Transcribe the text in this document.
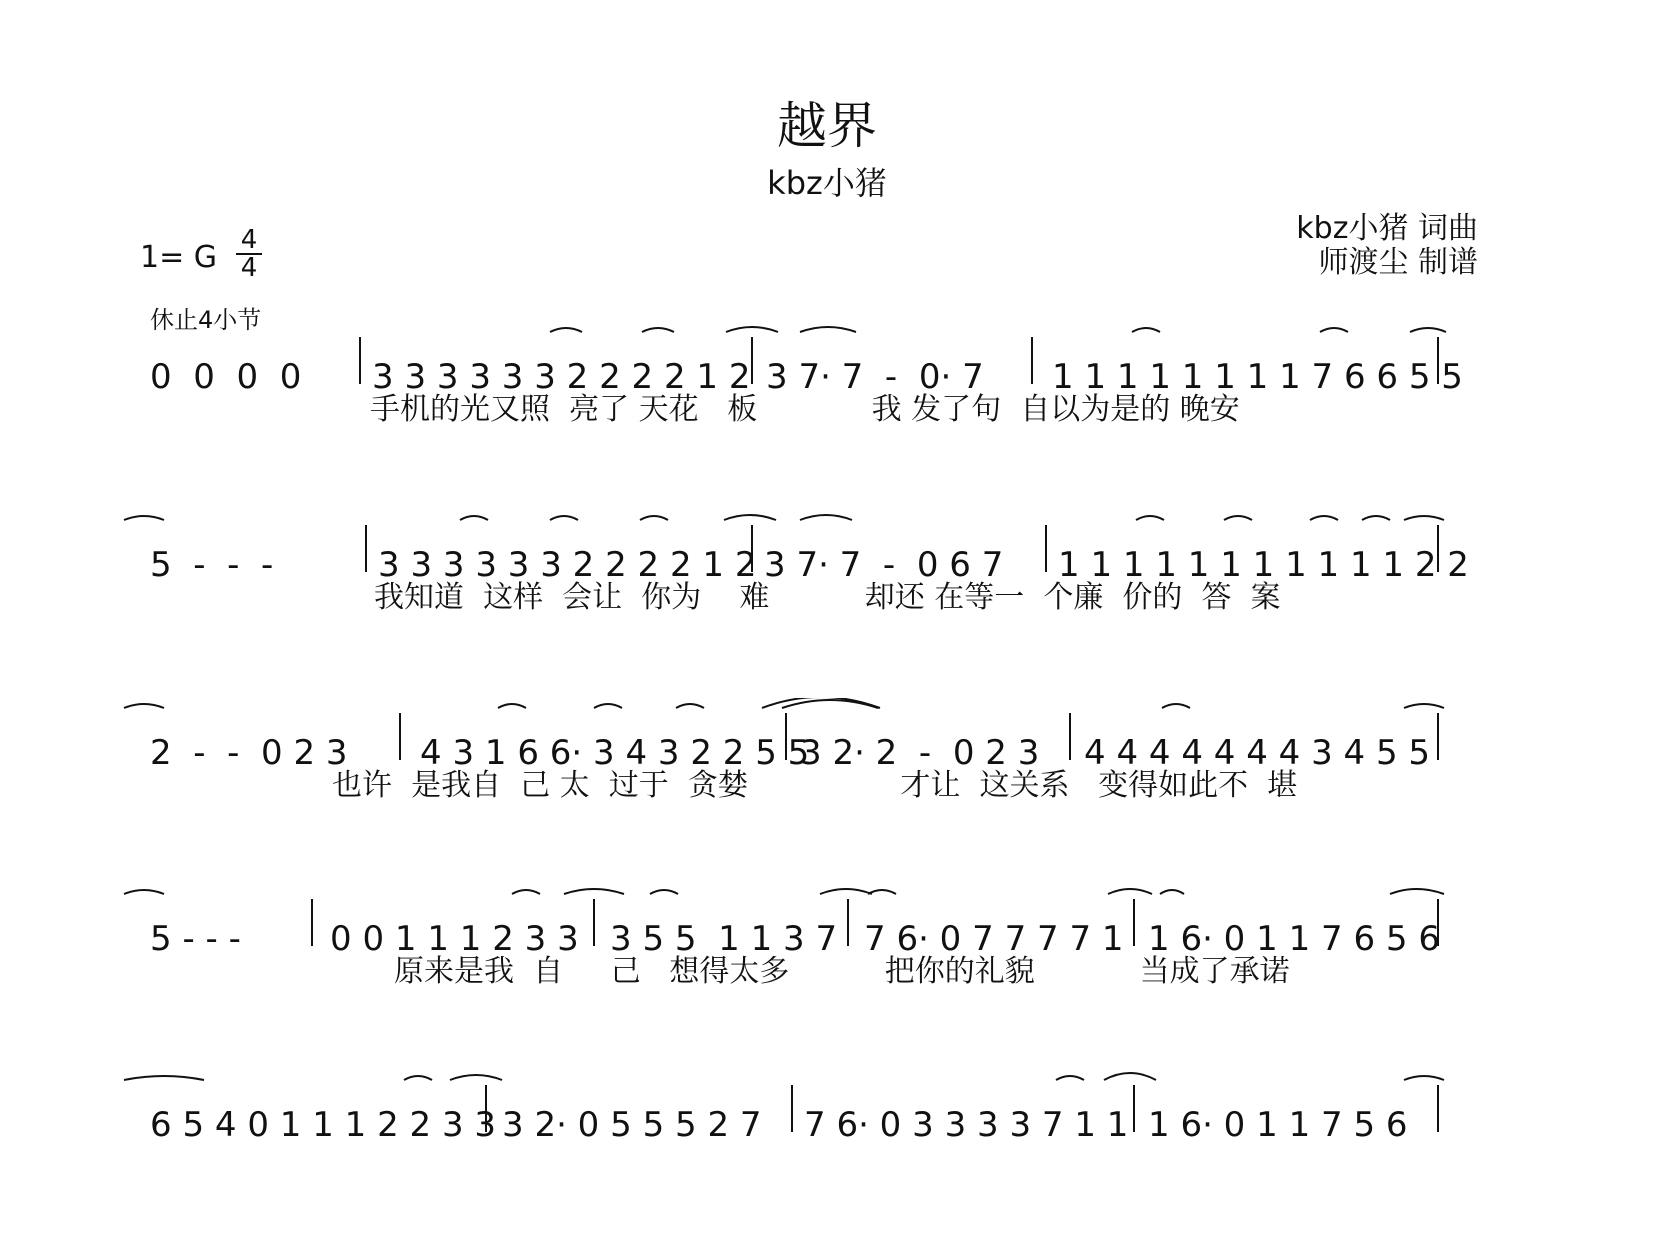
越界
kbz小猪
kbz小猪 词曲
师渡尘 制谱
1= G 4
4
休止4小节
0  0  0  0 3 3 3 3 3 3 2 2 2 2 1 2 3 7· 7  -  0· 7 1 1 1 1 1 1 1 1 7 6 6 5 5
手机的光又照  亮了 天花   板            我 发了句  自以为是的 晚安
5  -  -  -	3 3 3 3 3 3 2 2 2 2 1 2 3 7· 7  -  0 6 7 1 1 1 1 1 1 1 1 1 1 1 2 2
我知道  这样  会让  你为    难          却还 在等一  个廉  价的  答  案
2  -  -  0 2 3 4 3 1 6 6· 3 4 3 2 2 5 5
3 2· 2  -  0 2 3 4 4 4 4 4 4 4 3 4 5 5
也许  是我自  己 太  过于  贪婪                才让  这关系   变得如此不  堪
5 - - -	0 0 1 1 1 2 3 3 3 5 5  1 1 3 7 7 6· 0 7 7 7 7 1 1 6· 0 1 1 7 6 5 6
原来是我  自     己   想得太多          把你的礼貌           当成了承诺
6 5 4 0 1 1 1 2 2 3 3 3 2· 0 5 5 5 2 7 7 6· 0 3 3 3 3 7 1 1 1 6· 0 1 1 7 5 6
